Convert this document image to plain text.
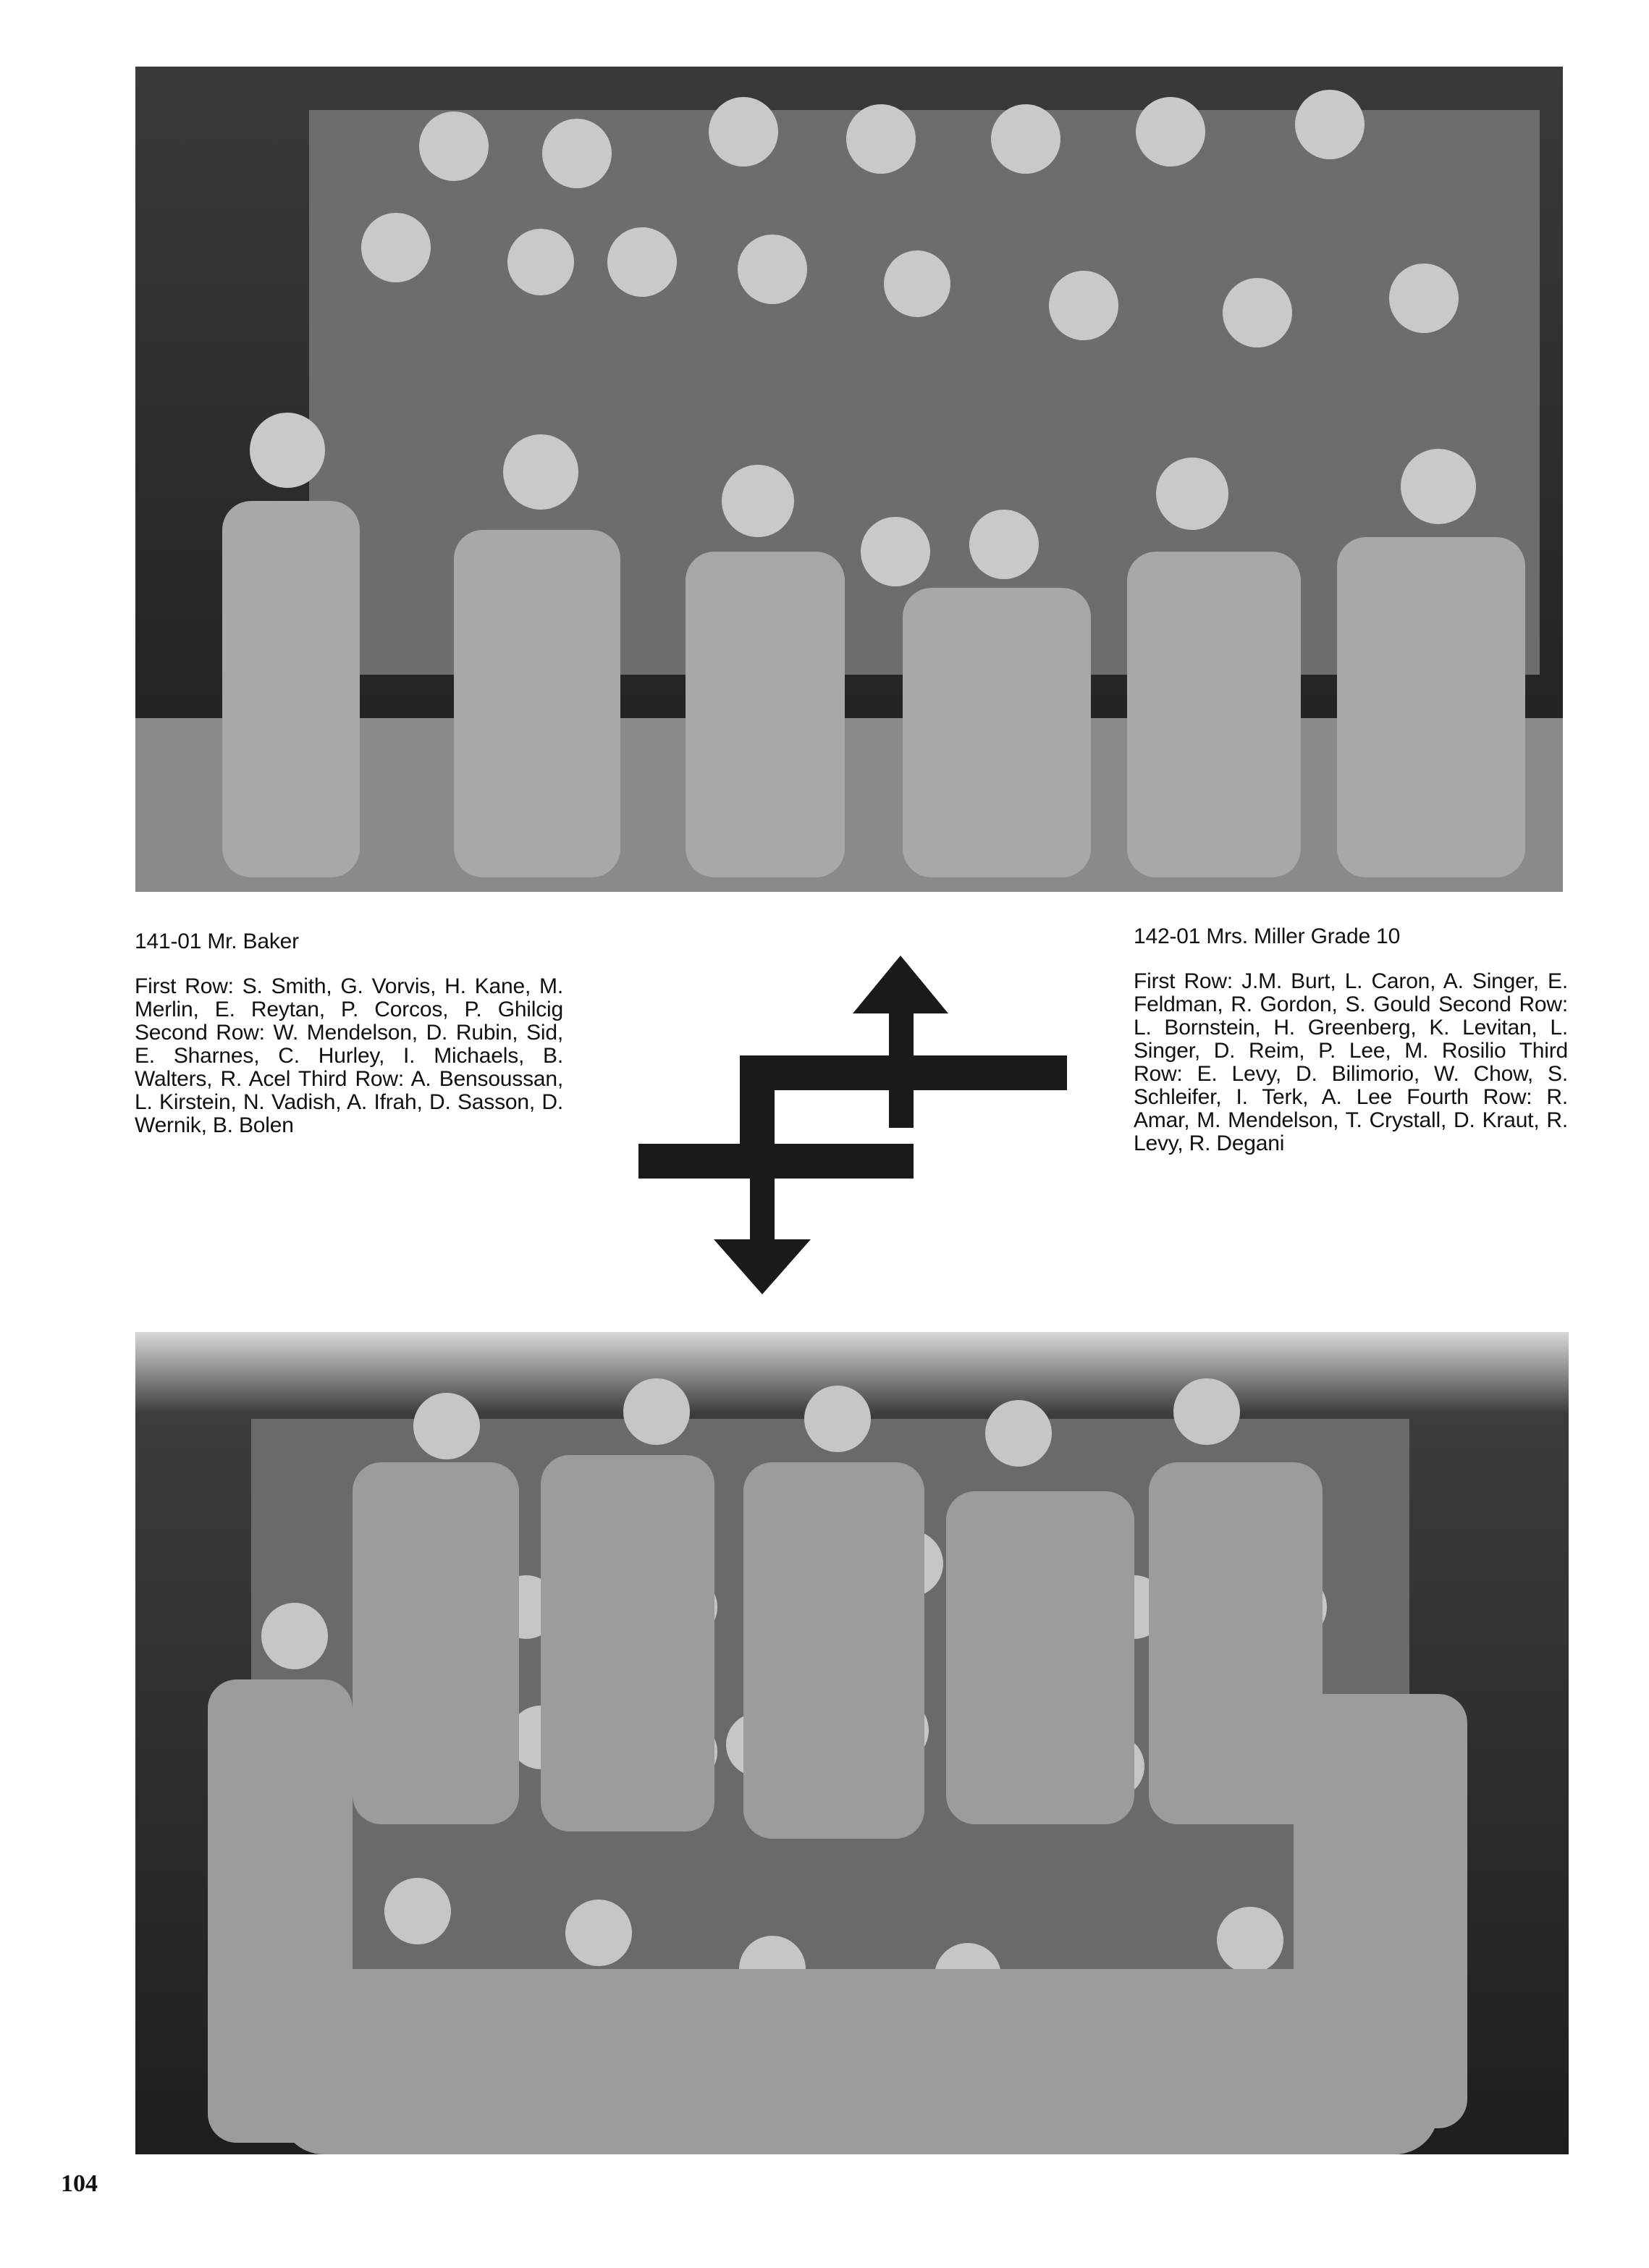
141-01 Mr. Baker
First Row: S. Smith, G. Vorvis, H. Kane, M. Merlin, E. Reytan, P. Corcos, P. Ghilcig Second Row: W. Mendelson, D. Rubin, Sid, E. Sharnes, C. Hurley, I. Michaels, B. Walters, R. Acel Third Row: A. Bensoussan, L. Kirstein, N. Vadish, A. Ifrah, D. Sasson, D. Wernik, B. Bolen
142-01 Mrs. Miller Grade 10
First Row: J.M. Burt, L. Caron, A. Singer, E. Feldman, R. Gordon, S. Gould Second Row: L. Bornstein, H. Greenberg, K. Levitan, L. Singer, D. Reim, P. Lee, M. Rosilio Third Row: E. Levy, D. Bilimorio, W. Chow, S. Schleifer, I. Terk, A. Lee Fourth Row: R. Amar, M. Mendelson, T. Crystall, D. Kraut, R. Levy, R. Degani
104
